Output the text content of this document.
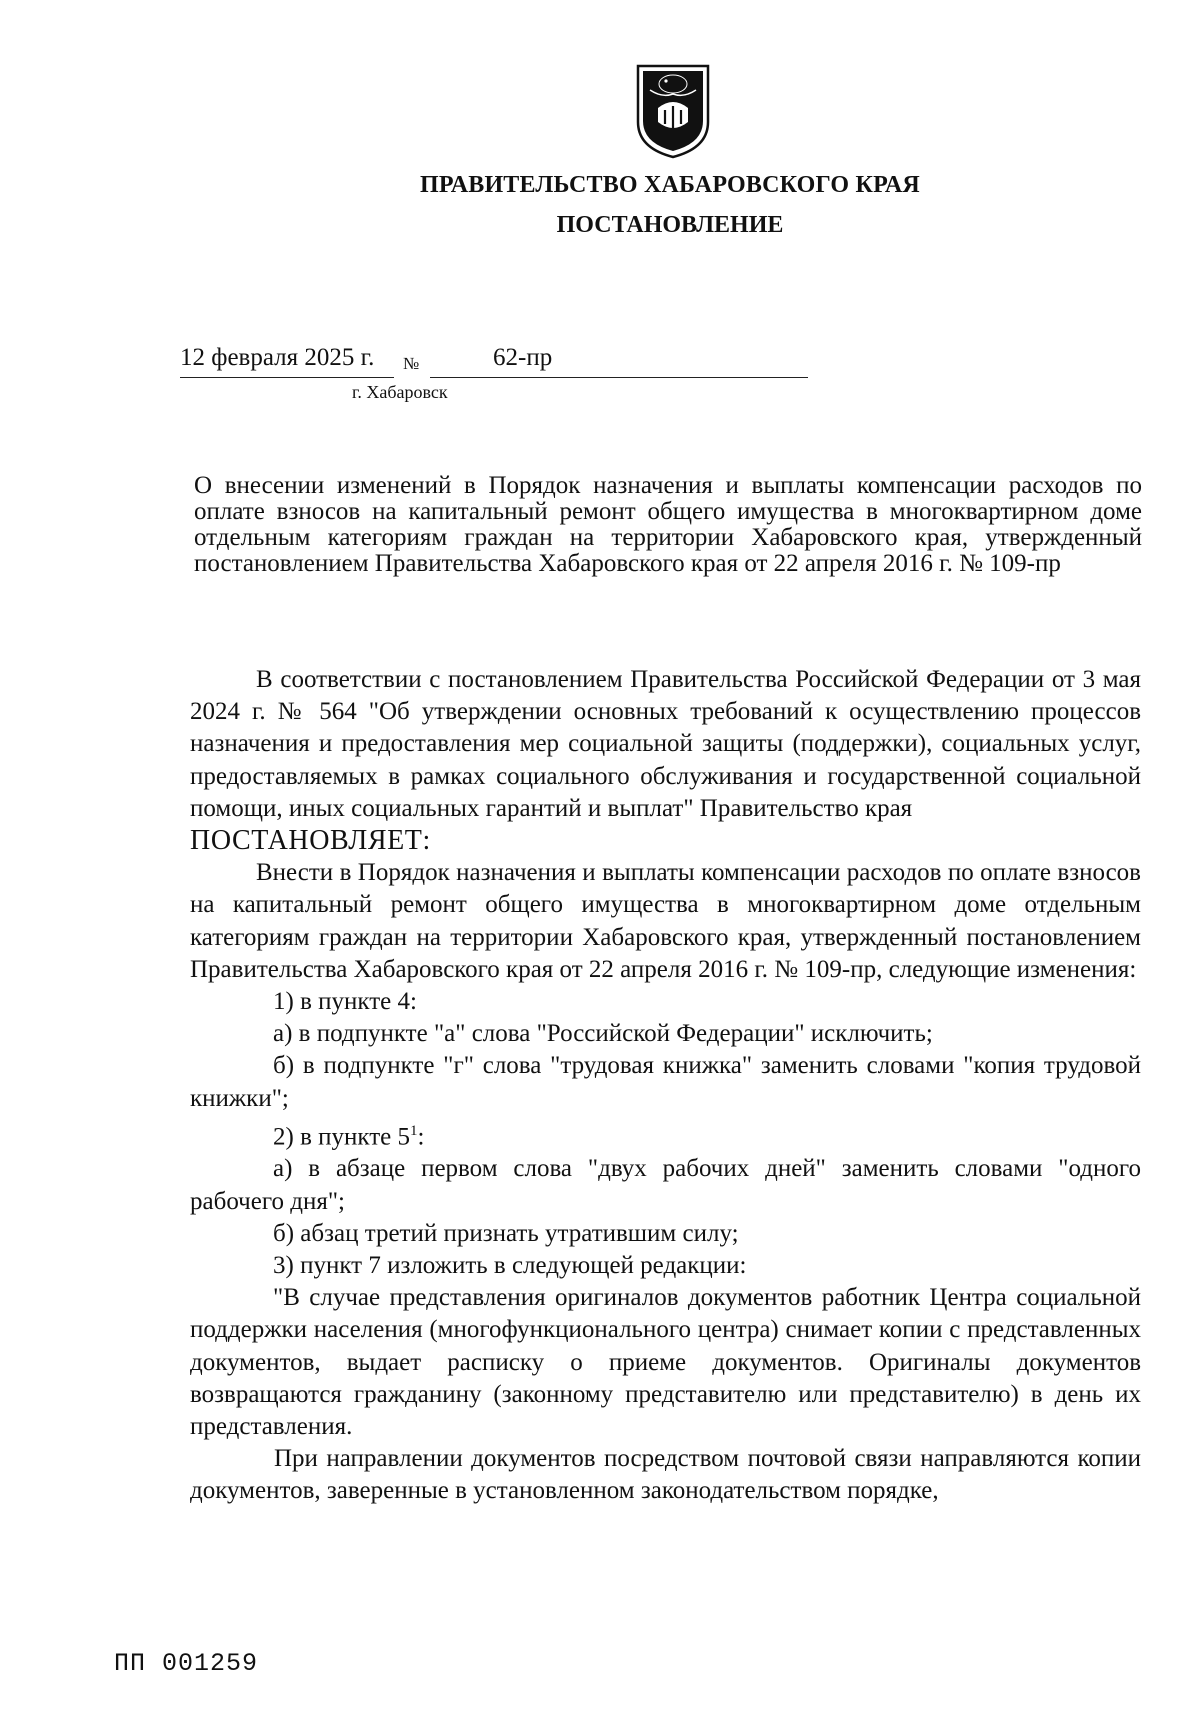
ПРАВИТЕЛЬСТВО ХАБАРОВСКОГО КРАЯ
ПОСТАНОВЛЕНИЕ
12 февраля 2025 г. №	62-пр
г. Хабаровск
О внесении изменений в Порядок назначения и выплаты компенсации расходов по оплате взносов на капитальный ремонт общего имущества в многоквартирном доме отдельным категориям граждан на территории Хабаровского края, утвержденный постановлением Правительства Хабаровского края от 22 апреля 2016 г. № 109-пр

В соответствии с постановлением Правительства Российской Федерации от 3 мая 2024 г. № 564 "Об утверждении основных требований к осуществлению процессов назначения и предоставления мер социальной защиты (поддержки), социальных услуг, предоставляемых в рамках социального обслуживания и государственной социальной помощи, иных социальных гарантий и выплат" Правительство края

ПОСТАНОВЛЯЕТ:

Внести в Порядок назначения и выплаты компенсации расходов по оплате взносов на капитальный ремонт общего имущества в многоквартирном доме отдельным категориям граждан на территории Хабаровского края, утвержденный постановлением Правительства Хабаровского края от 22 апреля 2016 г. № 109-пр, следующие изменения:

1) в пункте 4:

а) в подпункте "а" слова "Российской Федерации" исключить;

б) в подпункте "г" слова "трудовая книжка" заменить словами "копия трудовой книжки";

2) в пункте $5^1$:

а) в абзаце первом слова "двух рабочих дней" заменить словами "одного рабочего дня";

б) абзац третий признать утратившим силу;

3) пункт 7 изложить в следующей редакции:

"В случае представления оригиналов документов работник Центра социальной поддержки населения (многофункционального центра) снимает копии с представленных документов, выдает расписку о приеме документов. Оригиналы документов возвращаются гражданину (законному представителю или представителю) в день их представления.

При направлении документов посредством почтовой связи направляются копии документов, заверенные в установленном законодательством порядке,

ПП 001259
